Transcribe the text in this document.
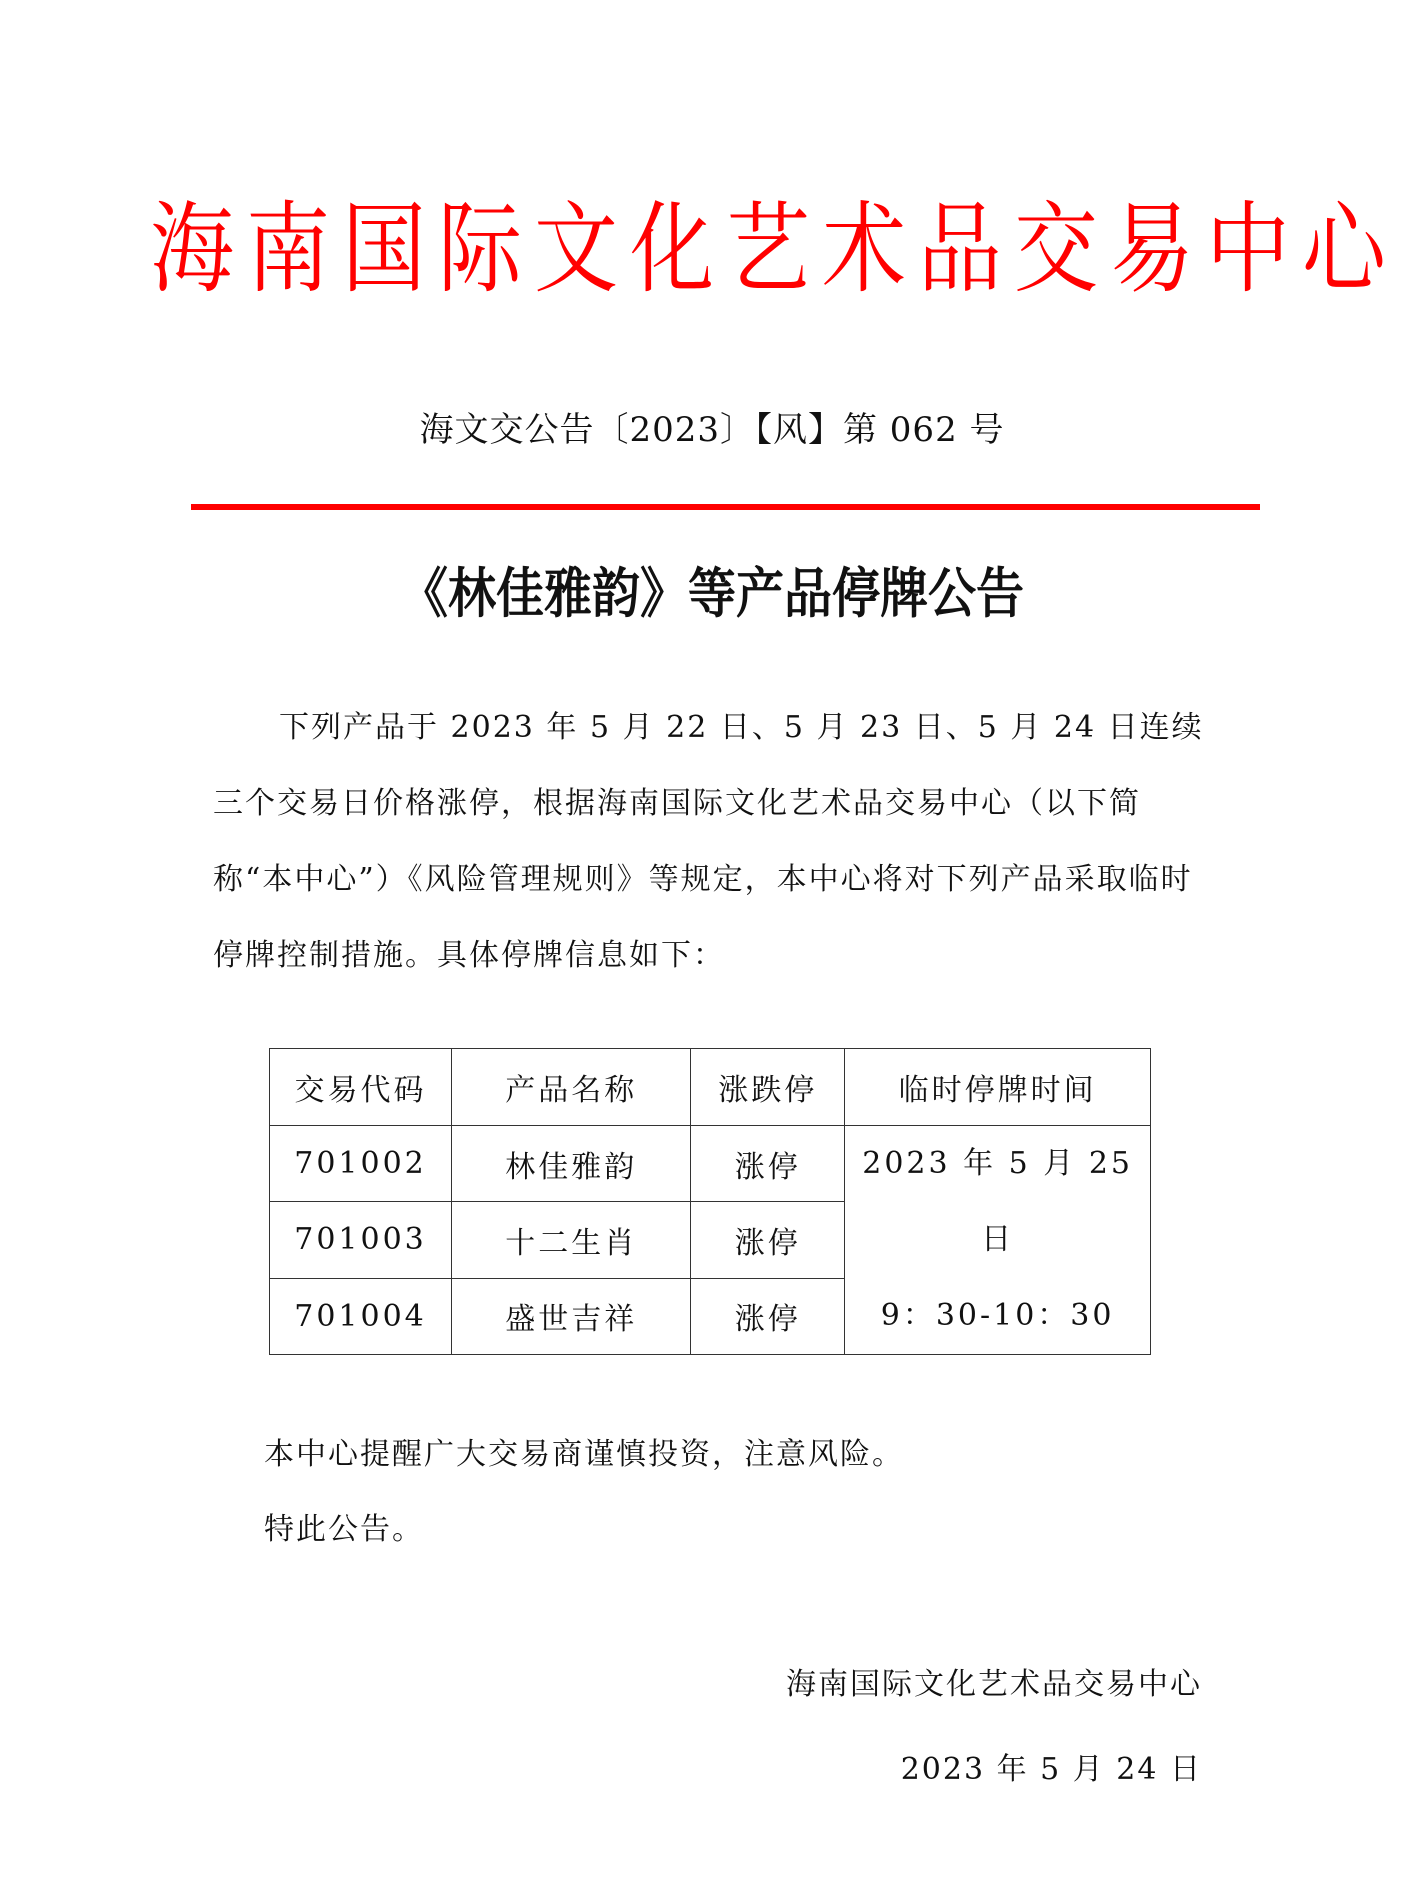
海南国际文化艺术品交易中心
海文交公告〔2023〕【风】第 062 号
《林佳雅韵》等产品停牌公告
下列产品于 2023 年 5 月 22 日、5 月 23 日、5 月 24 日连续三个交易日价格涨停，根据海南国际文化艺术品交易中心（以下简称“本中心”）《风险管理规则》等规定，本中心将对下列产品采取临时停牌控制措施。具体停牌信息如下：
交易代码	产品名称	涨跌停	临时停牌时间
701002	林佳雅韵	涨停	2023 年 5 月 25 日
9：30-10：30

701003	十二生肖	涨停	
701004	盛世吉祥	涨停	
本中心提醒广大交易商谨慎投资，注意风险。
特此公告。
海南国际文化艺术品交易中心
2023 年 5 月 24 日
